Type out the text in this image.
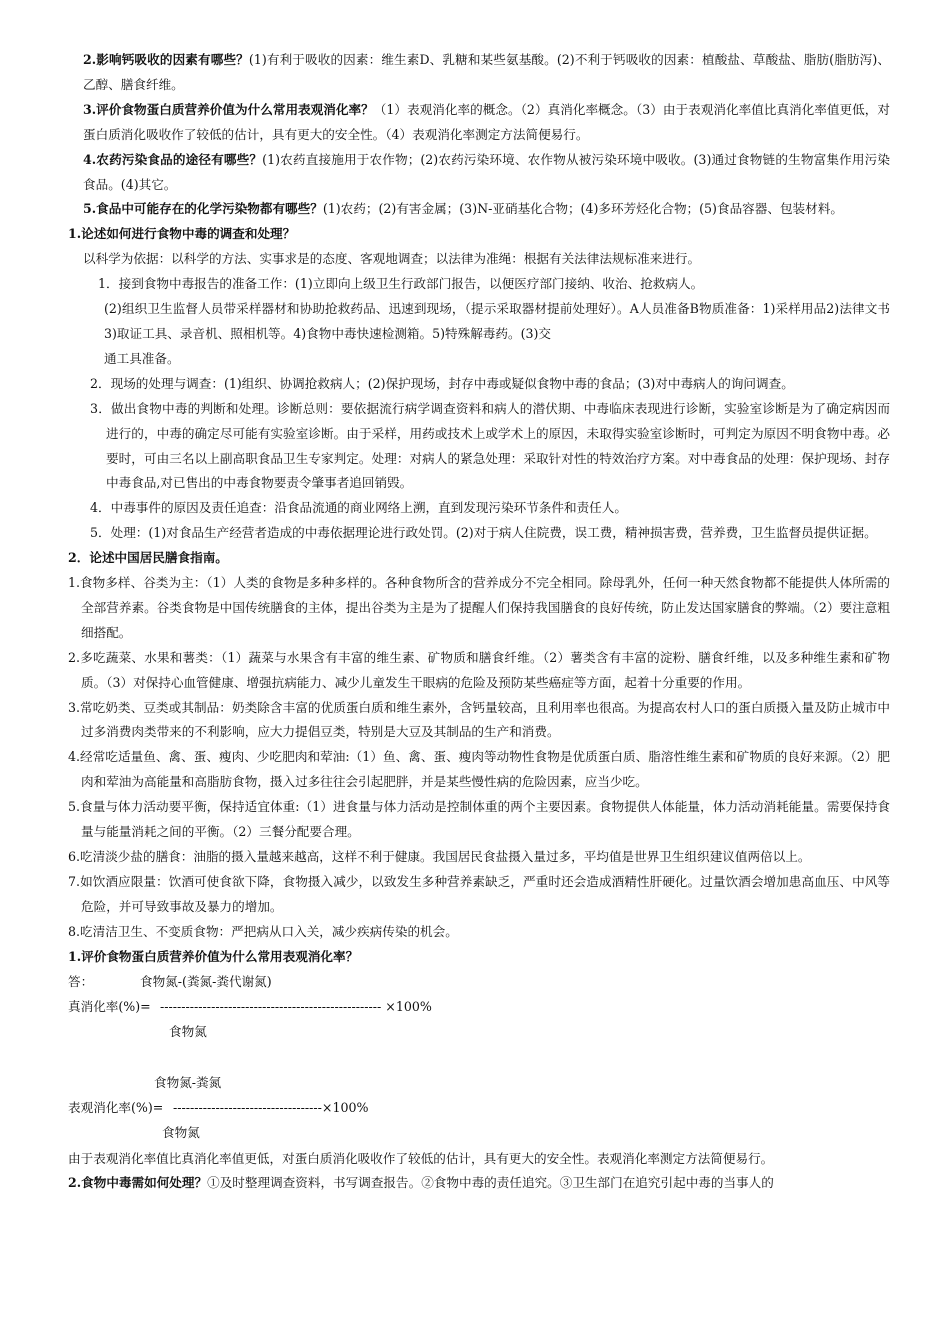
2.影响钙吸收的因素有哪些？(1)有利于吸收的因素：维生素D、乳糖和某些氨基酸。(2)不利于钙吸收的因素：植酸盐、草酸盐、脂肪(脂肪泻)、乙醇、膳食纤维。

3.评价食物蛋白质营养价值为什么常用表观消化率？（1）表观消化率的概念。（2）真消化率概念。（3）由于表观消化率值比真消化率值更低，对蛋白质消化吸收作了较低的估计，具有更大的安全性。（4）表观消化率测定方法简便易行。

4.农药污染食品的途径有哪些？(1)农药直接施用于农作物；(2)农药污染环境、农作物从被污染环境中吸收。(3)通过食物链的生物富集作用污染食品。(4)其它。

5.食品中可能存在的化学污染物都有哪些？(1)农药；(2)有害金属；(3)N-亚硝基化合物；(4)多环芳烃化合物；(5)食品容器、包装材料。

1.论述如何进行食物中毒的调查和处理？

以科学为依据：以科学的方法、实事求是的态度、客观地调查；以法律为准绳：根据有关法律法规标准来进行。

1．接到食物中毒报告的准备工作：(1)立即向上级卫生行政部门报告，以便医疗部门接纳、收治、抢救病人。

(2)组织卫生监督人员带采样器材和协助抢救药品、迅速到现场，（提示采取器材提前处理好）。A人员准备B物质准备：1)采样用品2)法律文书3)取证工具、录音机、照相机等。4)食物中毒快速检测箱。5)特殊解毒药。(3)交

通工具准备。

2．现场的处理与调查：(1)组织、协调抢救病人；(2)保护现场，封存中毒或疑似食物中毒的食品；(3)对中毒病人的询问调查。

3．做出食物中毒的判断和处理。诊断总则：要依据流行病学调查资料和病人的潜伏期、中毒临床表现进行诊断，实验室诊断是为了确定病因而进行的，中毒的确定尽可能有实验室诊断。由于采样，用药或技术上或学术上的原因，未取得实验室诊断时，可判定为原因不明食物中毒。必要时，可由三名以上副高职食品卫生专家判定。处理：对病人的紧急处理：采取针对性的特效治疗方案。对中毒食品的处理：保护现场、封存中毒食品,对已售出的中毒食物要责令肇事者追回销毁。

4．中毒事件的原因及责任追查：沿食品流通的商业网络上溯，直到发现污染环节条件和责任人。

5．处理：(1)对食品生产经营者造成的中毒依据理论进行政处罚。(2)对于病人住院费，误工费，精神损害费，营养费，卫生监督员提供证据。

2．论述中国居民膳食指南。

1.食物多样、谷类为主：（1）人类的食物是多种多样的。各种食物所含的营养成分不完全相同。除母乳外，任何一种天然食物都不能提供人体所需的全部营养素。谷类食物是中国传统膳食的主体，提出谷类为主是为了提醒人们保持我国膳食的良好传统，防止发达国家膳食的弊端。（2）要注意粗细搭配。

2.多吃蔬菜、水果和薯类：（1）蔬菜与水果含有丰富的维生素、矿物质和膳食纤维。（2）薯类含有丰富的淀粉、膳食纤维，以及多种维生素和矿物质。（3）对保持心血管健康、增强抗病能力、减少儿童发生干眼病的危险及预防某些癌症等方面，起着十分重要的作用。

3.常吃奶类、豆类或其制品：奶类除含丰富的优质蛋白质和维生素外，含钙量较高，且利用率也很高。为提高农村人口的蛋白质摄入量及防止城市中过多消费肉类带来的不利影响，应大力提倡豆类，特别是大豆及其制品的生产和消费。

4.经常吃适量鱼、禽、蛋、瘦肉、少吃肥肉和荤油:（1）鱼、禽、蛋、瘦肉等动物性食物是优质蛋白质、脂溶性维生素和矿物质的良好来源。（2）肥肉和荤油为高能量和高脂肪食物，摄入过多往往会引起肥胖，并是某些慢性病的危险因素，应当少吃。

5.食量与体力活动要平衡，保持适宜体重:（1）进食量与体力活动是控制体重的两个主要因素。食物提供人体能量，体力活动消耗能量。需要保持食量与能量消耗之间的平衡。（2）三餐分配要合理。

6.吃清淡少盐的膳食：油脂的摄入量越来越高，这样不利于健康。我国居民食盐摄入量过多，平均值是世界卫生组织建议值两倍以上。

7.如饮酒应限量：饮酒可使食欲下降，食物摄入减少，以致发生多种营养素缺乏，严重时还会造成酒精性肝硬化。过量饮酒会增加患高血压、中风等危险，并可导致事故及暴力的增加。

8.吃清洁卫生、不变质食物：严把病从口入关，减少疾病传染的机会。

1.评价食物蛋白质营养价值为什么常用表观消化率？

答：	食物氮-(粪氮-粪代谢氮)
真消化率(%)= ---------------------------------------------------- ×100%
食物氮
食物氮-粪氮
表观消化率(%)= -----------------------------------×100%
食物氮

由于表观消化率值比真消化率值更低，对蛋白质消化吸收作了较低的估计，具有更大的安全性。表观消化率测定方法简便易行。

2.食物中毒需如何处理？①及时整理调查资料，书写调查报告。②食物中毒的责任追究。③卫生部门在追究引起中毒的当事人的
